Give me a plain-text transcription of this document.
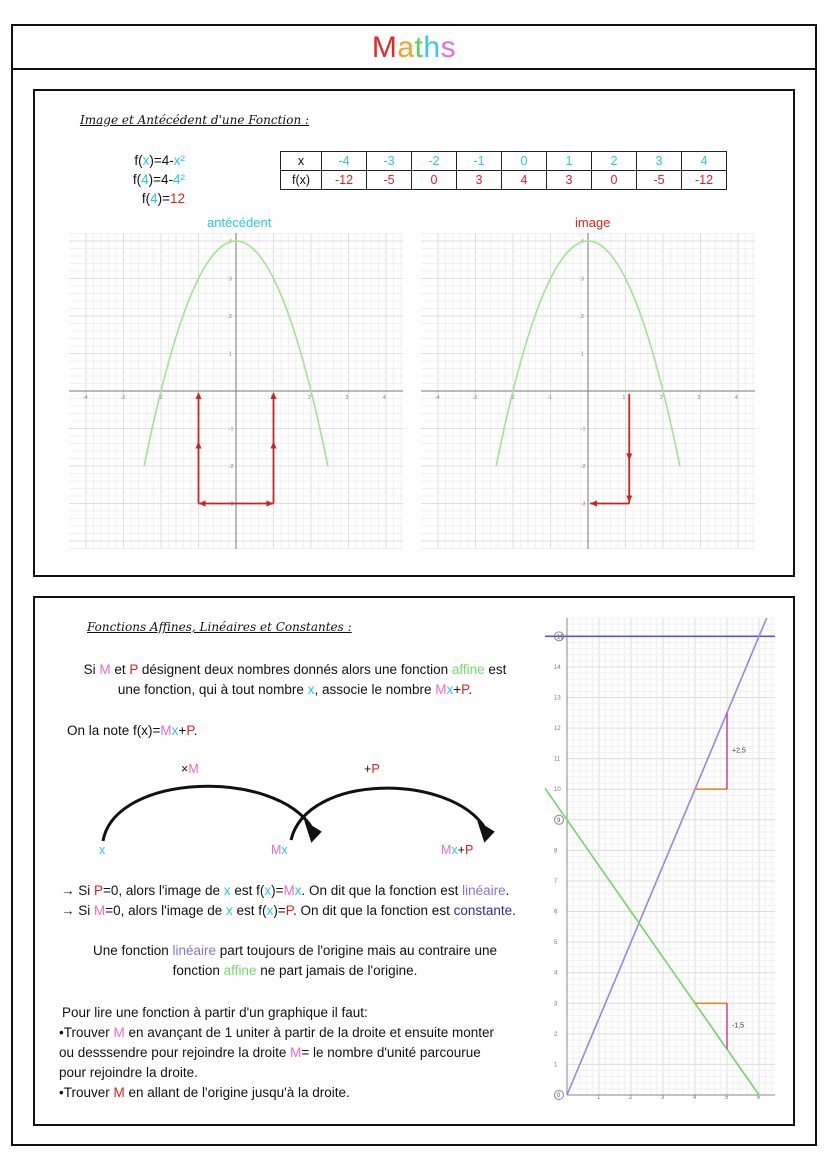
Maths
Image et Antécédent d'une Fonction :
f(x)=4-x²
f(4)=4-4²
f(4)=12
x	-4	-3	-2	-1	0	1	2	3	4
f(x)	-12	-5	0	3	4	3	0	-5	-12
antécédent	image
-4	-3	-2	2	3	4
4
3
2
1
-1
-2
-3
-4	-3	-2	-1	1	2	3	4
4
3
2
1
-1
-2
-3
Fonctions Affines, Linéaires et Constantes :
Si M et P désignent deux nombres donnés alors une fonction affine est
une fonction, qui à tout nombre x, associe le nombre Mx+P.
On la note f(x)=Mx+P.
×M	+P
x	Mx	Mx+P
→ Si P=0, alors l'image de x est f(x)=Mx. On dit que la fonction est linéaire.
→ Si M=0, alors l'image de x est f(x)=P. On dit que la fonction est constante.
Une fonction linéaire part toujours de l'origine mais au contraire une
fonction affine ne part jamais de l'origine.
Pour lire une fonction à partir d'un graphique il faut:
•Trouver M en avançant de 1 uniter à partir de la droite et ensuite monter
ou desssendre pour rejoindre la droite M= le nombre d'unité parcourue
pour rejoindre la droite.
•Trouver M en allant de l'origine jusqu'à la droite.	1	2	3	4	5	6
1
2
3
4
5
6
7
8
10
11
12
13
14
0
9
15
+2,5
-1,5
